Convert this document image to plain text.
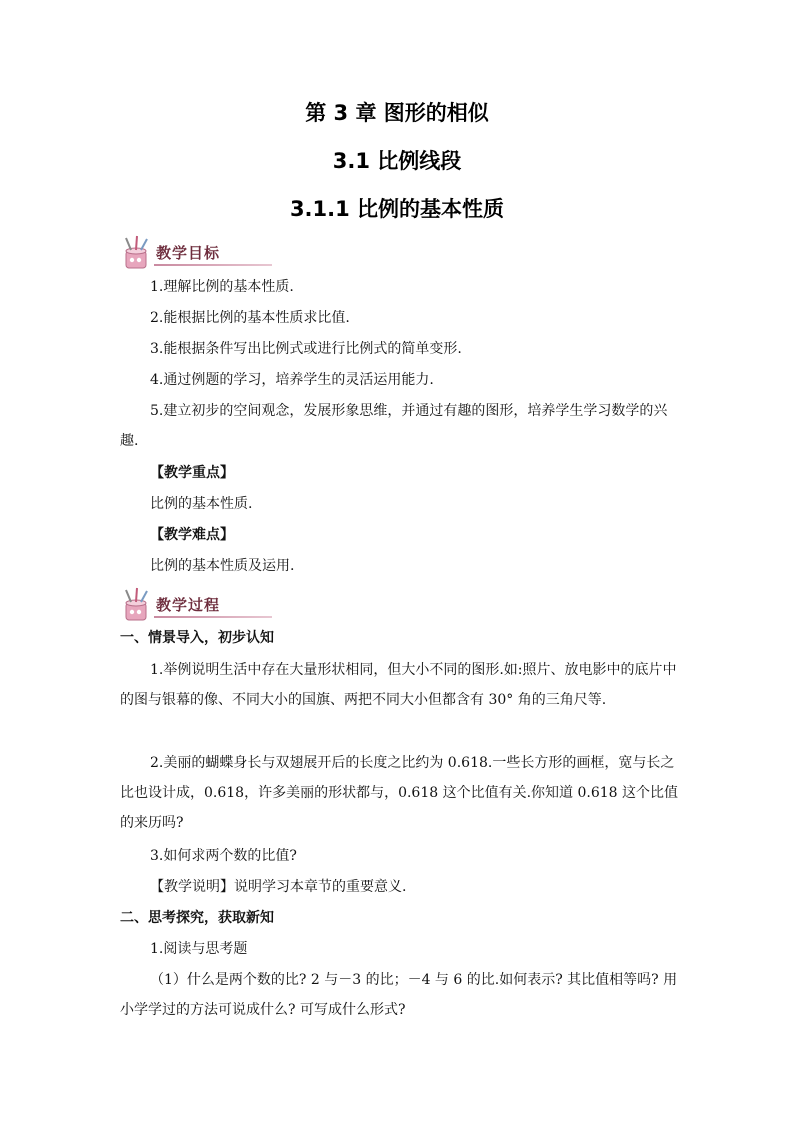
第 3 章 图形的相似
3.1 比例线段
3.1.1 比例的基本性质
教学目标
1.理解比例的基本性质.
2.能根据比例的基本性质求比值.
3.能根据条件写出比例式或进行比例式的简单变形.
4.通过例题的学习，培养学生的灵活运用能力.
5.建立初步的空间观念，发展形象思维，并通过有趣的图形，培养学生学习数学的兴趣.
【教学重点】
比例的基本性质.
【教学难点】
比例的基本性质及运用.
教学过程
一、情景导入，初步认知
1.举例说明生活中存在大量形状相同，但大小不同的图形.如:照片、放电影中的底片中的图与银幕的像、不同大小的国旗、两把不同大小但都含有 30° 角的三角尺等.
2.美丽的蝴蝶身长与双翅展开后的长度之比约为 0.618.一些长方形的画框，宽与长之比也设计成，0.618，许多美丽的形状都与，0.618 这个比值有关.你知道 0.618 这个比值的来历吗?
3.如何求两个数的比值?
【教学说明】说明学习本章节的重要意义.
二、思考探究，获取新知
1.阅读与思考题
（1）什么是两个数的比? 2 与－3 的比；－4 与 6 的比.如何表示? 其比值相等吗? 用小学学过的方法可说成什么? 可写成什么形式?
